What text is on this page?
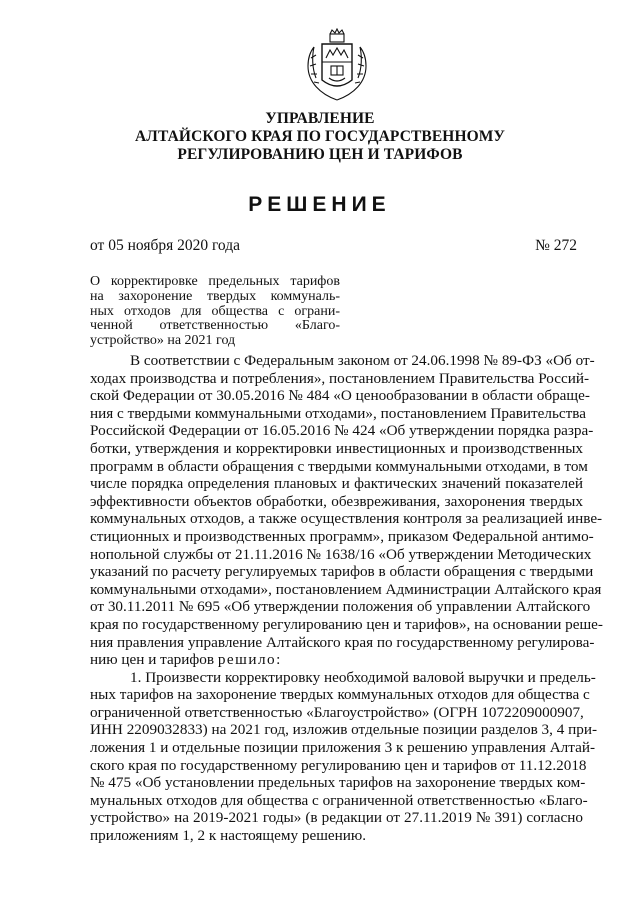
УПРАВЛЕНИЕ
АЛТАЙСКОГО КРАЯ ПО ГОСУДАРСТВЕННОМУ
РЕГУЛИРОВАНИЮ ЦЕН И ТАРИФОВ
РЕШЕНИЕ
от 05 ноября 2020 года	№ 272
О корректировке предельных тарифов
на захоронение твердых коммуналь-
ных отходов для общества с ограни-
ченной ответственностью «Благо-
устройство» на 2021 год
В соответствии с Федеральным законом от 24.06.1998 № 89-ФЗ «Об от-
ходах производства и потребления», постановлением Правительства Россий-
ской Федерации от 30.05.2016 № 484 «О ценообразовании в области обраще-
ния с твердыми коммунальными отходами», постановлением Правительства
Российской Федерации от 16.05.2016 № 424 «Об утверждении порядка разра-
ботки, утверждения и корректировки инвестиционных и производственных
программ в области обращения с твердыми коммунальными отходами, в том
числе порядка определения плановых и фактических значений показателей
эффективности объектов обработки, обезвреживания, захоронения твердых
коммунальных отходов, а также осуществления контроля за реализацией инве-
стиционных и производственных программ», приказом Федеральной антимо-
нопольной службы от 21.11.2016 № 1638/16 «Об утверждении Методических
указаний по расчету регулируемых тарифов в области обращения с твердыми
коммунальными отходами», постановлением Администрации Алтайского края
от 30.11.2011 № 695 «Об утверждении положения об управлении Алтайского
края по государственному регулированию цен и тарифов», на основании реше-
ния правления управление Алтайского края по государственному регулирова-
нию цен и тарифов решило:
1. Произвести корректировку необходимой валовой выручки и предель-
ных тарифов на захоронение твердых коммунальных отходов для общества с
ограниченной ответственностью «Благоустройство» (ОГРН 1072209000907,
ИНН 2209032833) на 2021 год, изложив отдельные позиции разделов 3, 4 при-
ложения 1 и отдельные позиции приложения 3 к решению управления Алтай-
ского края по государственному регулированию цен и тарифов от 11.12.2018
№ 475 «Об установлении предельных тарифов на захоронение твердых ком-
мунальных отходов для общества с ограниченной ответственностью «Благо-
устройство» на 2019-2021 годы» (в редакции от 27.11.2019 № 391) согласно
приложениям 1, 2 к настоящему решению.
